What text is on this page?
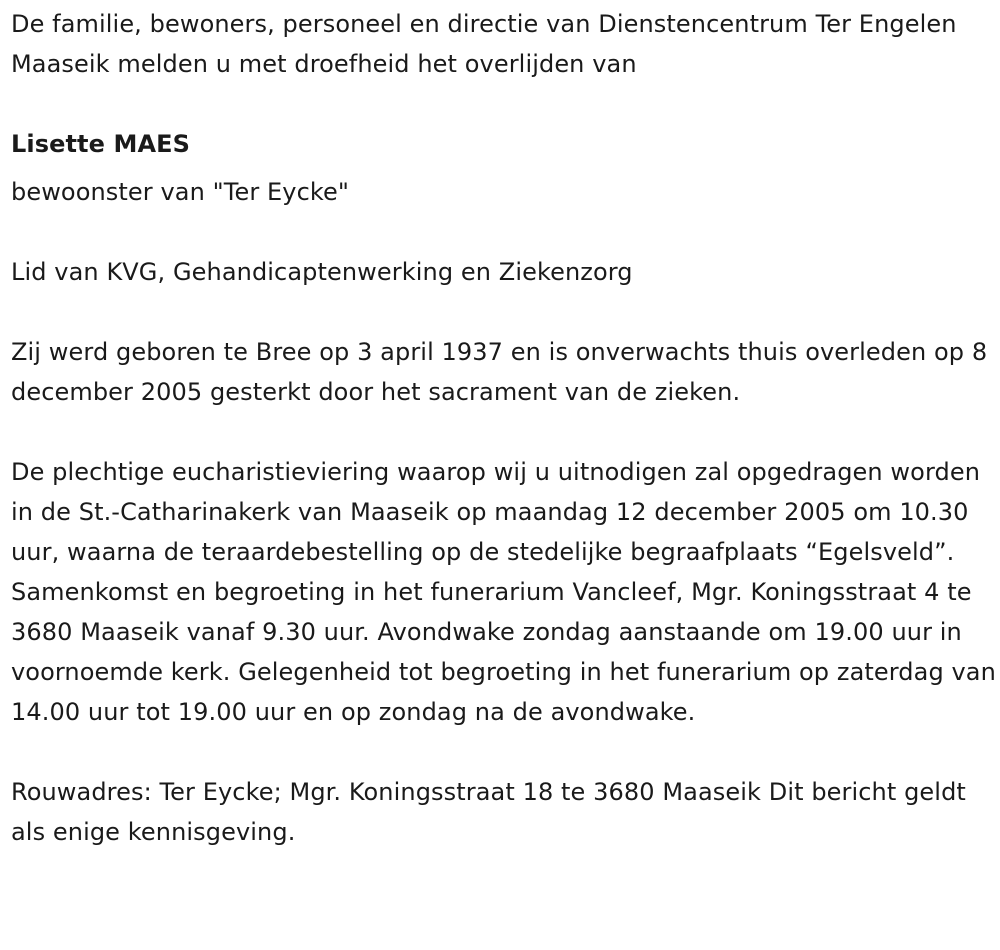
De familie, bewoners, personeel en directie van Dienstencentrum Ter Engelen Maaseik melden u met droefheid het overlijden van

Lisette MAES

bewoonster van "Ter Eycke"

Lid van KVG, Gehandicaptenwerking en Ziekenzorg

Zij werd geboren te Bree op 3 april 1937 en is onverwachts thuis overleden op 8 december 2005 gesterkt door het sacrament van de zieken.

De plechtige eucharistieviering waarop wij u uitnodigen zal opgedragen worden in de St.-Catharinakerk van Maaseik op maandag 12 december 2005 om 10.30 uur, waarna de teraardebestelling op de stedelijke begraafplaats “Egelsveld”. Samenkomst en begroeting in het funerarium Vancleef, Mgr. Koningsstraat 4 te 3680 Maaseik vanaf 9.30 uur. Avondwake zondag aanstaande om 19.00 uur in voornoemde kerk. Gelegenheid tot begroeting in het funerarium op zaterdag van 14.00 uur tot 19.00 uur en op zondag na de avondwake.

Rouwadres: Ter Eycke; Mgr. Koningsstraat 18 te 3680 Maaseik Dit bericht geldt als enige kennisgeving.
